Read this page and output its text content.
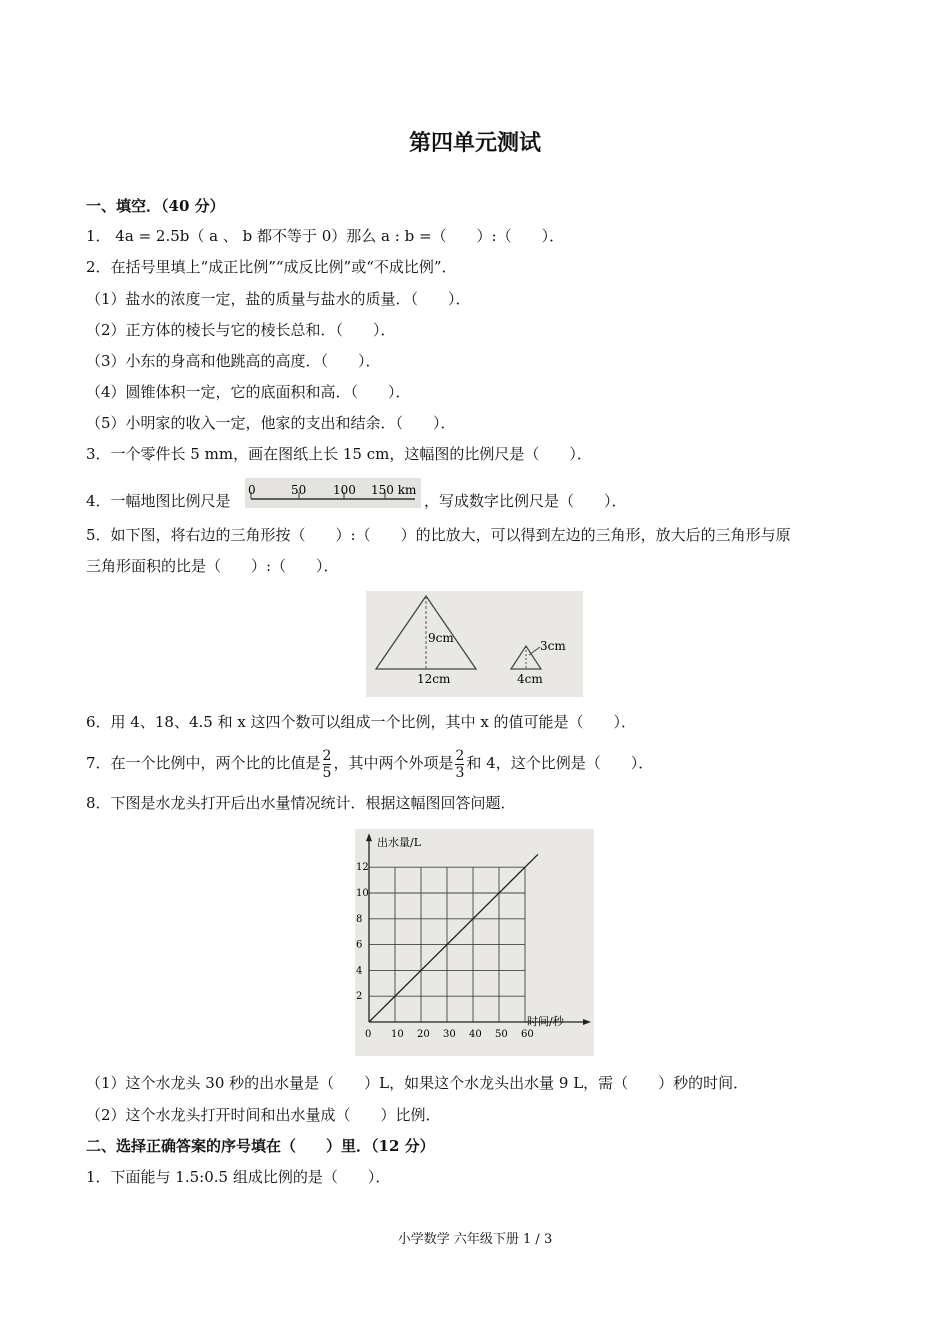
第四单元测试
一、填空．（40 分）
1． 4a = 2.5b（ a 、 b 都不等于 0）那么 a : b =（　　）:（　　）．
2．在括号里填上“成正比例”“成反比例”或“不成比例”．
（1）盐水的浓度一定，盐的质量与盐水的质量．（　　）．
（2）正方体的棱长与它的棱长总和．（　　）．
（3）小东的身高和他跳高的高度．（　　）．
（4）圆锥体积一定，它的底面积和高．（　　）．
（5）小明家的收入一定，他家的支出和结余．（　　）．
3．一个零件长 5 mm，画在图纸上长 15 cm，这幅图的比例尺是（　　）．
4．一幅地图比例尺是
0	50 100 150 km
，写成数字比例尺是（　　）．
5．如下图，将右边的三角形按（　　）:（　　）的比放大，可以得到左边的三角形，放大后的三角形与原
三角形面积的比是（　　）:（　　）．
9cm
12cm
3cm
4cm
6．用 4、18、4.5 和 x 这四个数可以组成一个比例，其中 x 的值可能是（　　）．
7．在一个比例中，两个比的比值是 $\frac{2}{5}$ ，其中两个外项是 $\frac{2}{3}$ 和 4，这个比例是（　　）．
8．下图是水龙头打开后出水量情况统计．根据这幅图回答问题．
出水量/L
时间/秒
0 10 20 30 40 50 60
2
4
6
8
10
12
（1）这个水龙头 30 秒的出水量是（　　）L，如果这个水龙头出水量 9 L，需（　　）秒的时间．
（2）这个水龙头打开时间和出水量成（　　）比例．
二、选择正确答案的序号填在（　　）里．（12 分）
1．下面能与 1.5:0.5 组成比例的是（　　）．
小学数学 六年级下册 1 / 3
